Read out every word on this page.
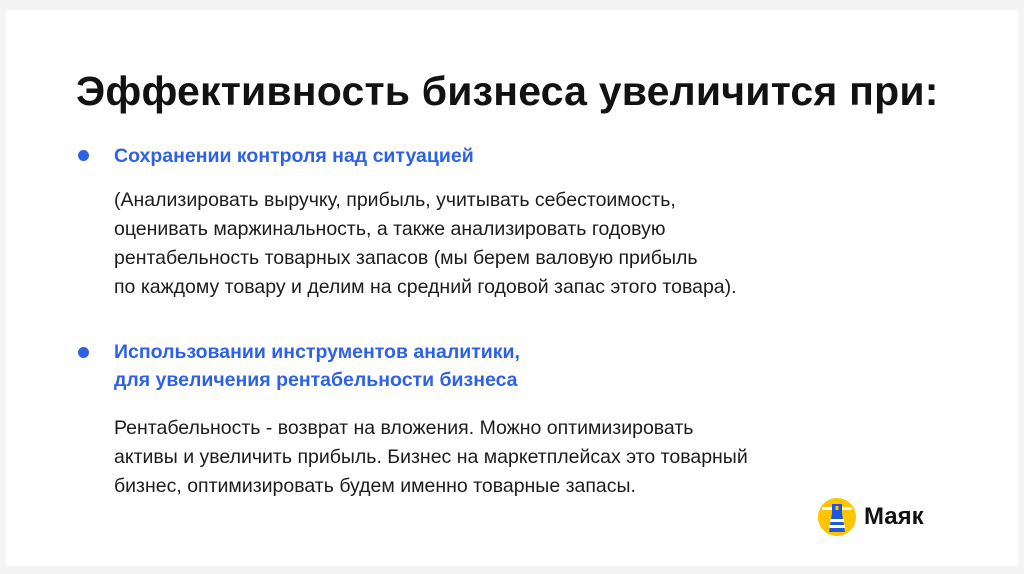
Эффективность бизнеса увеличится при:
Сохранении контроля над ситуацией
(Анализировать выручку, прибыль, учитывать себестоимость,
оценивать маржинальность, а также анализировать годовую
рентабельность товарных запасов (мы берем валовую прибыль
по каждому товару и делим на средний годовой запас этого товара).
Использовании инструментов аналитики,
для увеличения рентабельности бизнеса
Рентабельность - возврат на вложения. Можно оптимизировать
активы и увеличить прибыль. Бизнес на маркетплейсах это товарный
бизнес, оптимизировать будем именно товарные запасы.
Маяк
